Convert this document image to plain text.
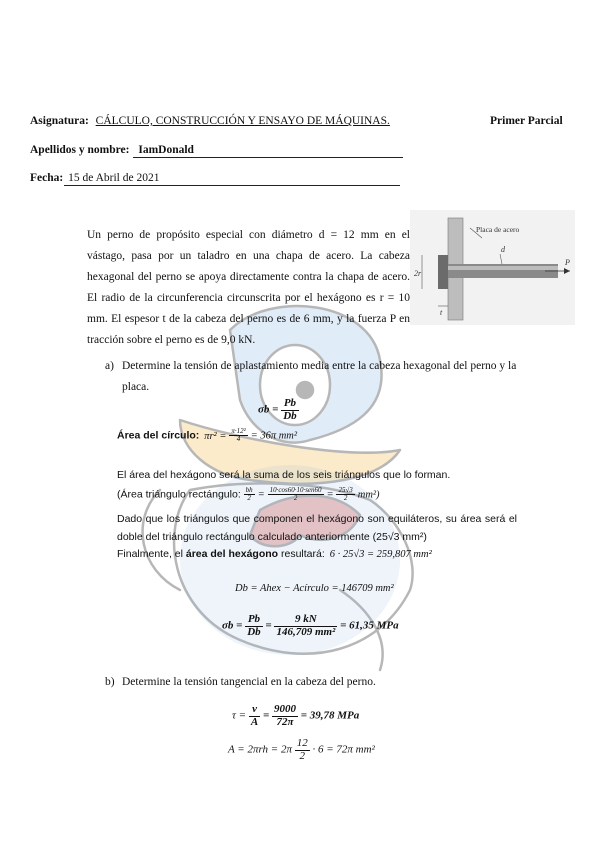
Asignatura: CÁLCULO, CONSTRUCCIÓN Y ENSAYO DE MÁQUINAS.	Primer Parcial
Apellidos y nombre: IamDonald
Fecha: 15 de Abril de 2021
Un perno de propósito especial con diámetro d = 12 mm en el vástago, pasa por un taladro en una chapa de acero. La cabeza hexagonal del perno se apoya directamente contra la chapa de acero. El radio de la circunferencia circunscrita por el hexágono es r = 10 mm. El espesor t de la cabeza del perno es de 6 mm, y la fuerza P en tracción sobre el perno es de 9,0 kN.
Placa de acero
2r
t
d
P
a) Determine la tensión de aplastamiento media entre la cabeza hexagonal del perno y la placa.
$\sigma b = \frac{Pb}{Db}$
Área del círculo: $\pi r^2 = \frac{\text{π·12²}}{4} = 36\pi$ mm²
El área del hexágono será la suma de los seis triángulos que lo forman.
(Área triángulo rectángulo: $\frac{bh}{2} = 10\cdot\cos 60\cdot 10\cdot sen60$
2	= $\frac{25√3}{2} mm^2$)
Dado que los triángulos que componen el hexágono son equiláteros, su área será el doble del triángulo rectángulo calculado anteriormente (25√3 mm²)
Finalmente, el área del hexágono resultará: 6 · 25√3 = 259,807 mm²
Db = Ahex − Acírculo = 146709 mm²
$\sigma b = \frac{Pb}{Db} = \frac{9 kN}{\text{146,709 mm²}} = 61,35$ MPa
b) Determine la tensión tangencial en la cabeza del perno.
$\tau = \frac{v}{A} = \frac{9000}{72\pi} = 39,78$ MPa
$A = 2\pi rh = 2\pi \frac{12}{2} \cdot 6 = 72\pi$ mm²
